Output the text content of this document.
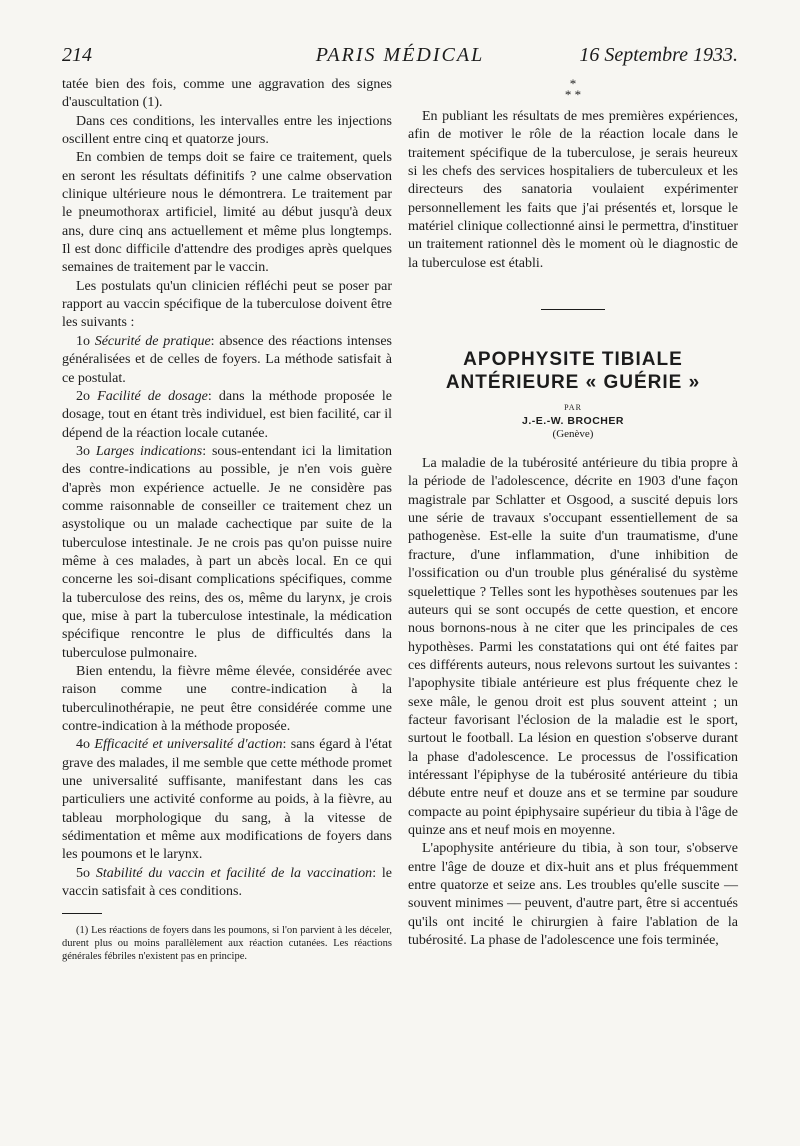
214	PARIS MÉDICAL	16 Septembre 1933.

tatée bien des fois, comme une aggravation des signes d'auscultation (1).

Dans ces conditions, les intervalles entre les injections oscillent entre cinq et quatorze jours.

En combien de temps doit se faire ce traitement, quels en seront les résultats définitifs ? une calme observation clinique ultérieure nous le démontrera. Le traitement par le pneumothorax artificiel, limité au début jusqu'à deux ans, dure cinq ans actuellement et même plus longtemps. Il est donc difficile d'attendre des prodiges après quelques semaines de traitement par le vaccin.

Les postulats qu'un clinicien réfléchi peut se poser par rapport au vaccin spécifique de la tuberculose doivent être les suivants :

1o Sécurité de pratique: absence des réactions intenses généralisées et de celles de foyers. La méthode satisfait à ce postulat.

2o Facilité de dosage: dans la méthode proposée le dosage, tout en étant très individuel, est bien facilité, car il dépend de la réaction locale cutanée.

3o Larges indications: sous-entendant ici la limitation des contre-indications au possible, je n'en vois guère d'après mon expérience actuelle. Je ne considère pas comme raisonnable de conseiller ce traitement chez un asystolique ou un malade cachectique par suite de la tuberculose intestinale. Je ne crois pas qu'on puisse nuire même à ces malades, à part un abcès local. En ce qui concerne les soi-disant complications spécifiques, comme la tuberculose des reins, des os, même du larynx, je crois que, mise à part la tuberculose intestinale, la médication spécifique rencontre le plus de difficultés dans la tuberculose pulmonaire.

Bien entendu, la fièvre même élevée, considérée avec raison comme une contre-indication à la tuberculinothérapie, ne peut être considérée comme une contre-indication à la méthode proposée.

4o Efficacité et universalité d'action: sans égard à l'état grave des malades, il me semble que cette méthode promet une universalité suffisante, manifestant dans les cas particuliers une activité conforme au poids, à la fièvre, au tableau morphologique du sang, à la vitesse de sédimentation et même aux modifications de foyers dans les poumons et le larynx.

5o Stabilité du vaccin et facilité de la vaccination: le vaccin satisfait à ces conditions.

(1) Les réactions de foyers dans les poumons, si l'on parvient à les déceler, durent plus ou moins parallèlement aux réaction cutanées. Les réactions générales fébriles n'existent pas en principe.

*
* *

En publiant les résultats de mes premières expériences, afin de motiver le rôle de la réaction locale dans le traitement spécifique de la tuberculose, je serais heureux si les chefs des services hospitaliers de tuberculeux et les directeurs des sanatoria voulaient expérimenter personnellement les faits que j'ai présentés et, lorsque le matériel clinique collectionné ainsi le permettra, d'instituer un traitement rationnel dès le moment où le diagnostic de la tuberculose est établi.

APOPHYSITE TIBIALE
ANTÉRIEURE « GUÉRIE »
PAR
J.-E.-W. BROCHER
(Genève)

La maladie de la tubérosité antérieure du tibia propre à la période de l'adolescence, décrite en 1903 d'une façon magistrale par Schlatter et Osgood, a suscité depuis lors une série de travaux s'occupant essentiellement de sa pathogenèse. Est-elle la suite d'un traumatisme, d'une fracture, d'une inflammation, d'une inhibition de l'ossification ou d'un trouble plus généralisé du système squelettique ? Telles sont les hypothèses soutenues par les auteurs qui se sont occupés de cette question, et encore nous bornons-nous à ne citer que les principales de ces hypothèses. Parmi les constatations qui ont été faites par ces différents auteurs, nous relevons surtout les suivantes : l'apophysite tibiale antérieure est plus fréquente chez le sexe mâle, le genou droit est plus souvent atteint ; un facteur favorisant l'éclosion de la maladie est le sport, surtout le football. La lésion en question s'observe durant la phase d'adolescence. Le processus de l'ossification intéressant l'épiphyse de la tubérosité antérieure du tibia débute entre neuf et douze ans et se termine par soudure compacte au point épiphysaire supérieur du tibia à l'âge de quinze ans et neuf mois en moyenne.

L'apophysite antérieure du tibia, à son tour, s'observe entre l'âge de douze et dix-huit ans et plus fréquemment entre quatorze et seize ans. Les troubles qu'elle suscite — souvent minimes — peuvent, d'autre part, être si accentués qu'ils ont incité le chirurgien à faire l'ablation de la tubérosité. La phase de l'adolescence une fois terminée,
